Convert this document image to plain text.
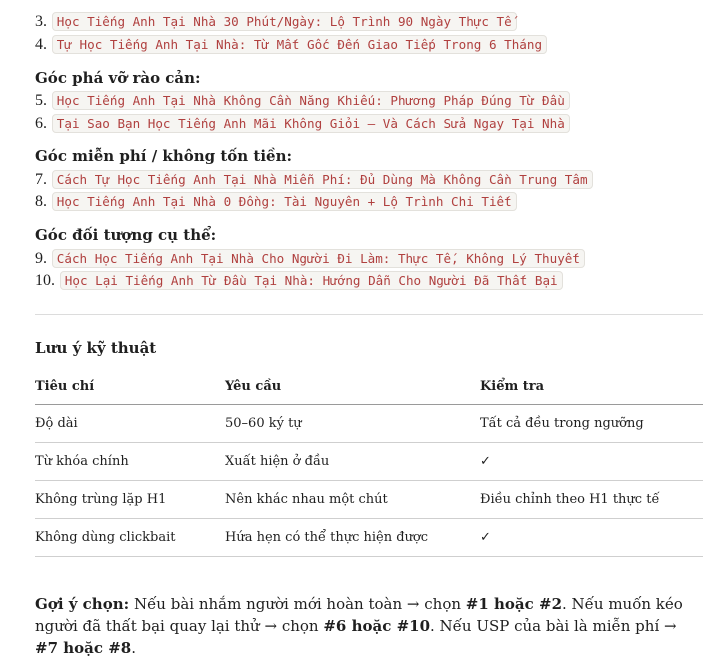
3. Học Tiếng Anh Tại Nhà 30 Phút/Ngày: Lộ Trình 90 Ngày Thực Tế
4. Tự Học Tiếng Anh Tại Nhà: Từ Mất Gốc Đến Giao Tiếp Trong 6 Tháng
Góc phá vỡ rào cản:
5. Học Tiếng Anh Tại Nhà Không Cần Năng Khiếu: Phương Pháp Đúng Từ Đầu
6. Tại Sao Bạn Học Tiếng Anh Mãi Không Giỏi — Và Cách Sửa Ngay Tại Nhà
Góc miễn phí / không tốn tiền:
7. Cách Tự Học Tiếng Anh Tại Nhà Miễn Phí: Đủ Dùng Mà Không Cần Trung Tâm
8. Học Tiếng Anh Tại Nhà 0 Đồng: Tài Nguyên + Lộ Trình Chi Tiết
Góc đối tượng cụ thể:
9. Cách Học Tiếng Anh Tại Nhà Cho Người Đi Làm: Thực Tế, Không Lý Thuyết
10. Học Lại Tiếng Anh Từ Đầu Tại Nhà: Hướng Dẫn Cho Người Đã Thất Bại
Lưu ý kỹ thuật
Tiêu chí	Yêu cầu	Kiểm tra
Độ dài	50–60 ký tự	Tất cả đều trong ngưỡng
Từ khóa chính	Xuất hiện ở đầu	✓
Không trùng lặp H1	Nên khác nhau một chút	Điều chỉnh theo H1 thực tế
Không dùng clickbait	Hứa hẹn có thể thực hiện được	✓
Gợi ý chọn: Nếu bài nhắm người mới hoàn toàn → chọn #1 hoặc #2. Nếu muốn kéo người đã thất bại quay lại thử → chọn #6 hoặc #10. Nếu USP của bài là miễn phí → #7 hoặc #8.
